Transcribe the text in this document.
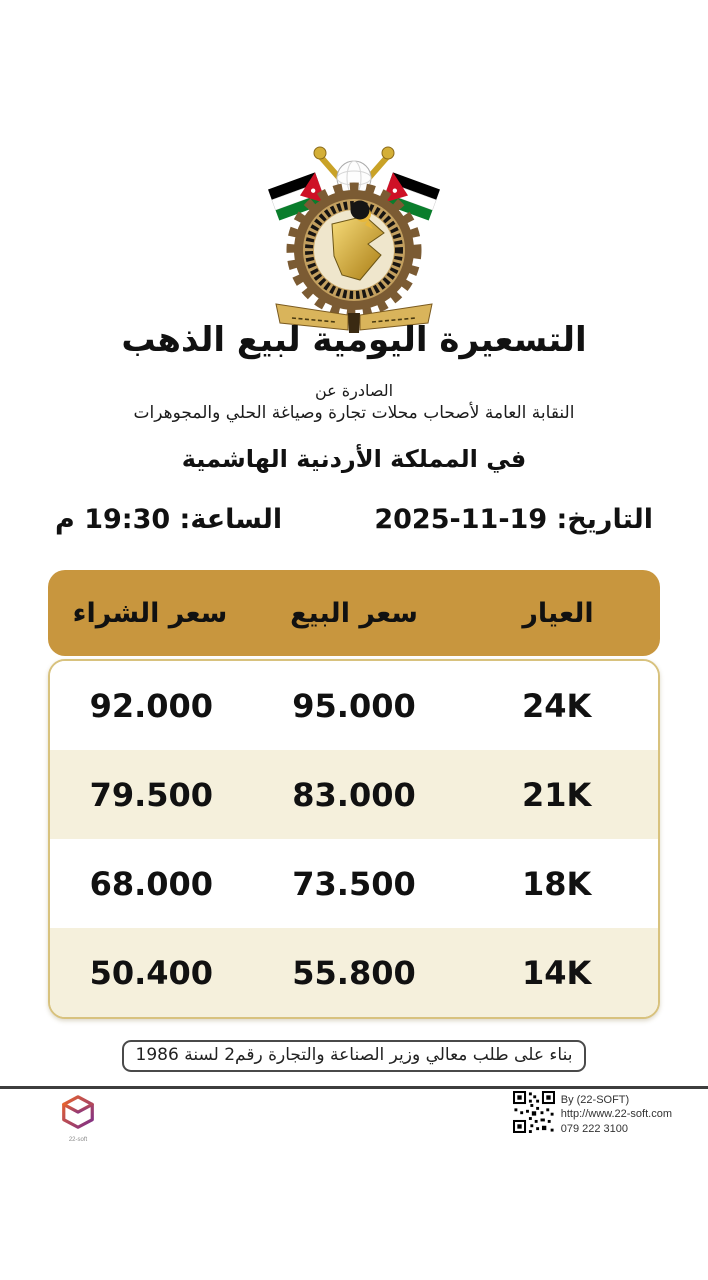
التسعيرة اليومية لبيع الذهب
الصادرة عن
النقابة العامة لأصحاب محلات تجارة وصياغة الحلي والمجوهرات
في المملكة الأردنية الهاشمية
التاريخ: 19-11-2025
الساعة: 19:30 م
العيار
سعر البيع
سعر الشراء
24K
95.000
92.000
21K
83.000
79.500
18K
73.500
68.000
14K
55.800
50.400
بناء على طلب معالي وزير الصناعة والتجارة رقم2 لسنة 1986
22-soft
By (22-SOFT)
http://www.22-soft.com
079 222 3100
